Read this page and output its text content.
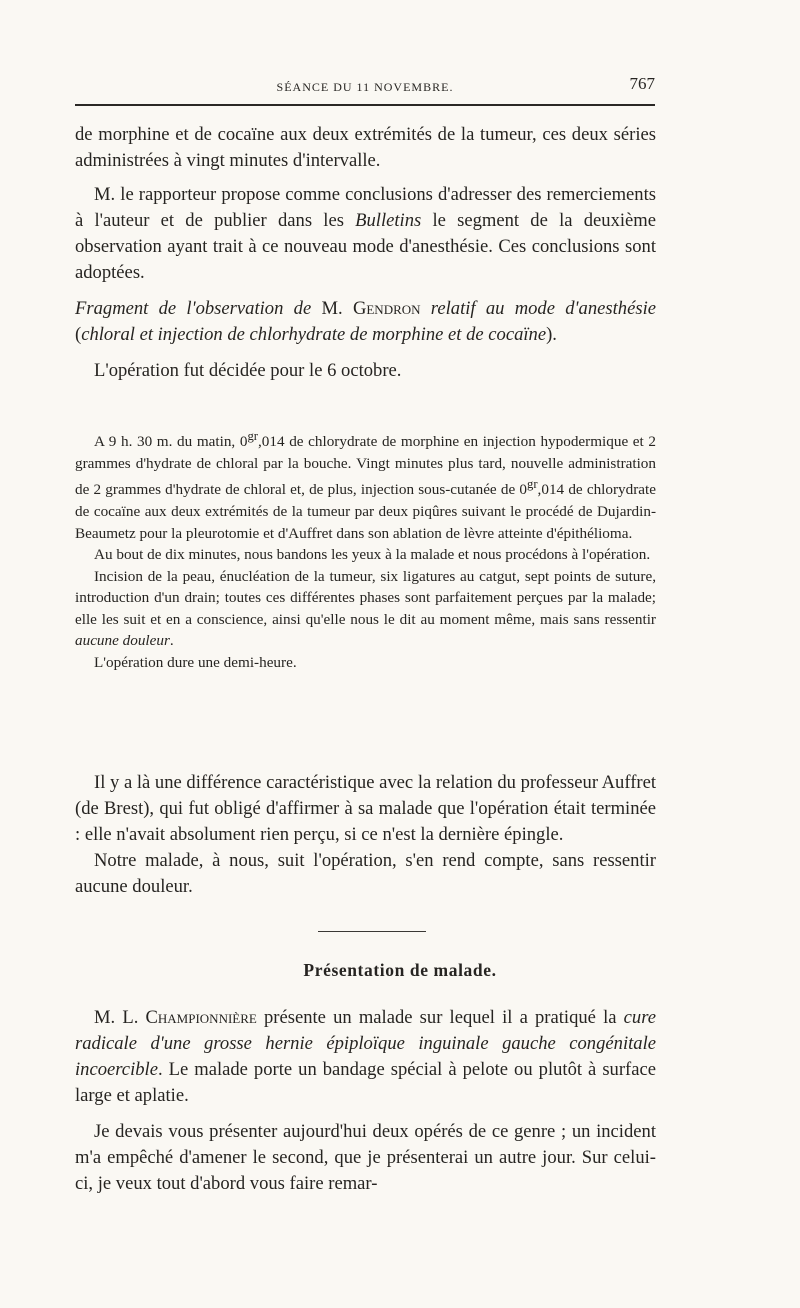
SÉANCE DU 11 NOVEMBRE.	767

de morphine et de cocaïne aux deux extrémités de la tumeur, ces deux séries administrées à vingt minutes d'intervalle.

M. le rapporteur propose comme conclusions d'adresser des remerciements à l'auteur et de publier dans les Bulletins le segment de la deuxième observation ayant trait à ce nouveau mode d'anesthésie. Ces conclusions sont adoptées.

Fragment de l'observation de M. Gendron relatif au mode d'anesthésie (chloral et injection de chlorhydrate de morphine et de cocaïne).

L'opération fut décidée pour le 6 octobre.

A 9 h. 30 m. du matin, $0^{gr},014$ de chlorydrate de morphine en injection hypodermique et 2 grammes d'hydrate de chloral par la bouche. Vingt minutes plus tard, nouvelle administration de 2 grammes d'hydrate de chloral et, de plus, injection sous-cutanée de $0^{gr},014$ de chlorydrate de cocaïne aux deux extrémités de la tumeur par deux piqûres suivant le procédé de Dujardin-Beaumetz pour la pleurotomie et d'Auffret dans son ablation de lèvre atteinte d'épithélioma.

Au bout de dix minutes, nous bandons les yeux à la malade et nous procédons à l'opération.

Incision de la peau, énucléation de la tumeur, six ligatures au catgut, sept points de suture, introduction d'un drain; toutes ces différentes phases sont parfaitement perçues par la malade; elle les suit et en a conscience, ainsi qu'elle nous le dit au moment même, mais sans ressentir aucune douleur.

L'opération dure une demi-heure.

Il y a là une différence caractéristique avec la relation du professeur Auffret (de Brest), qui fut obligé d'affirmer à sa malade que l'opération était terminée : elle n'avait absolument rien perçu, si ce n'est la dernière épingle.

Notre malade, à nous, suit l'opération, s'en rend compte, sans ressentir aucune douleur.

Présentation de malade.

M. L. Championnière présente un malade sur lequel il a pratiqué la cure radicale d'une grosse hernie épiploïque inguinale gauche congénitale incoercible. Le malade porte un bandage spécial à pelote ou plutôt à surface large et aplatie.

Je devais vous présenter aujourd'hui deux opérés de ce genre ; un incident m'a empêché d'amener le second, que je présenterai un autre jour. Sur celui-ci, je veux tout d'abord vous faire remar-
